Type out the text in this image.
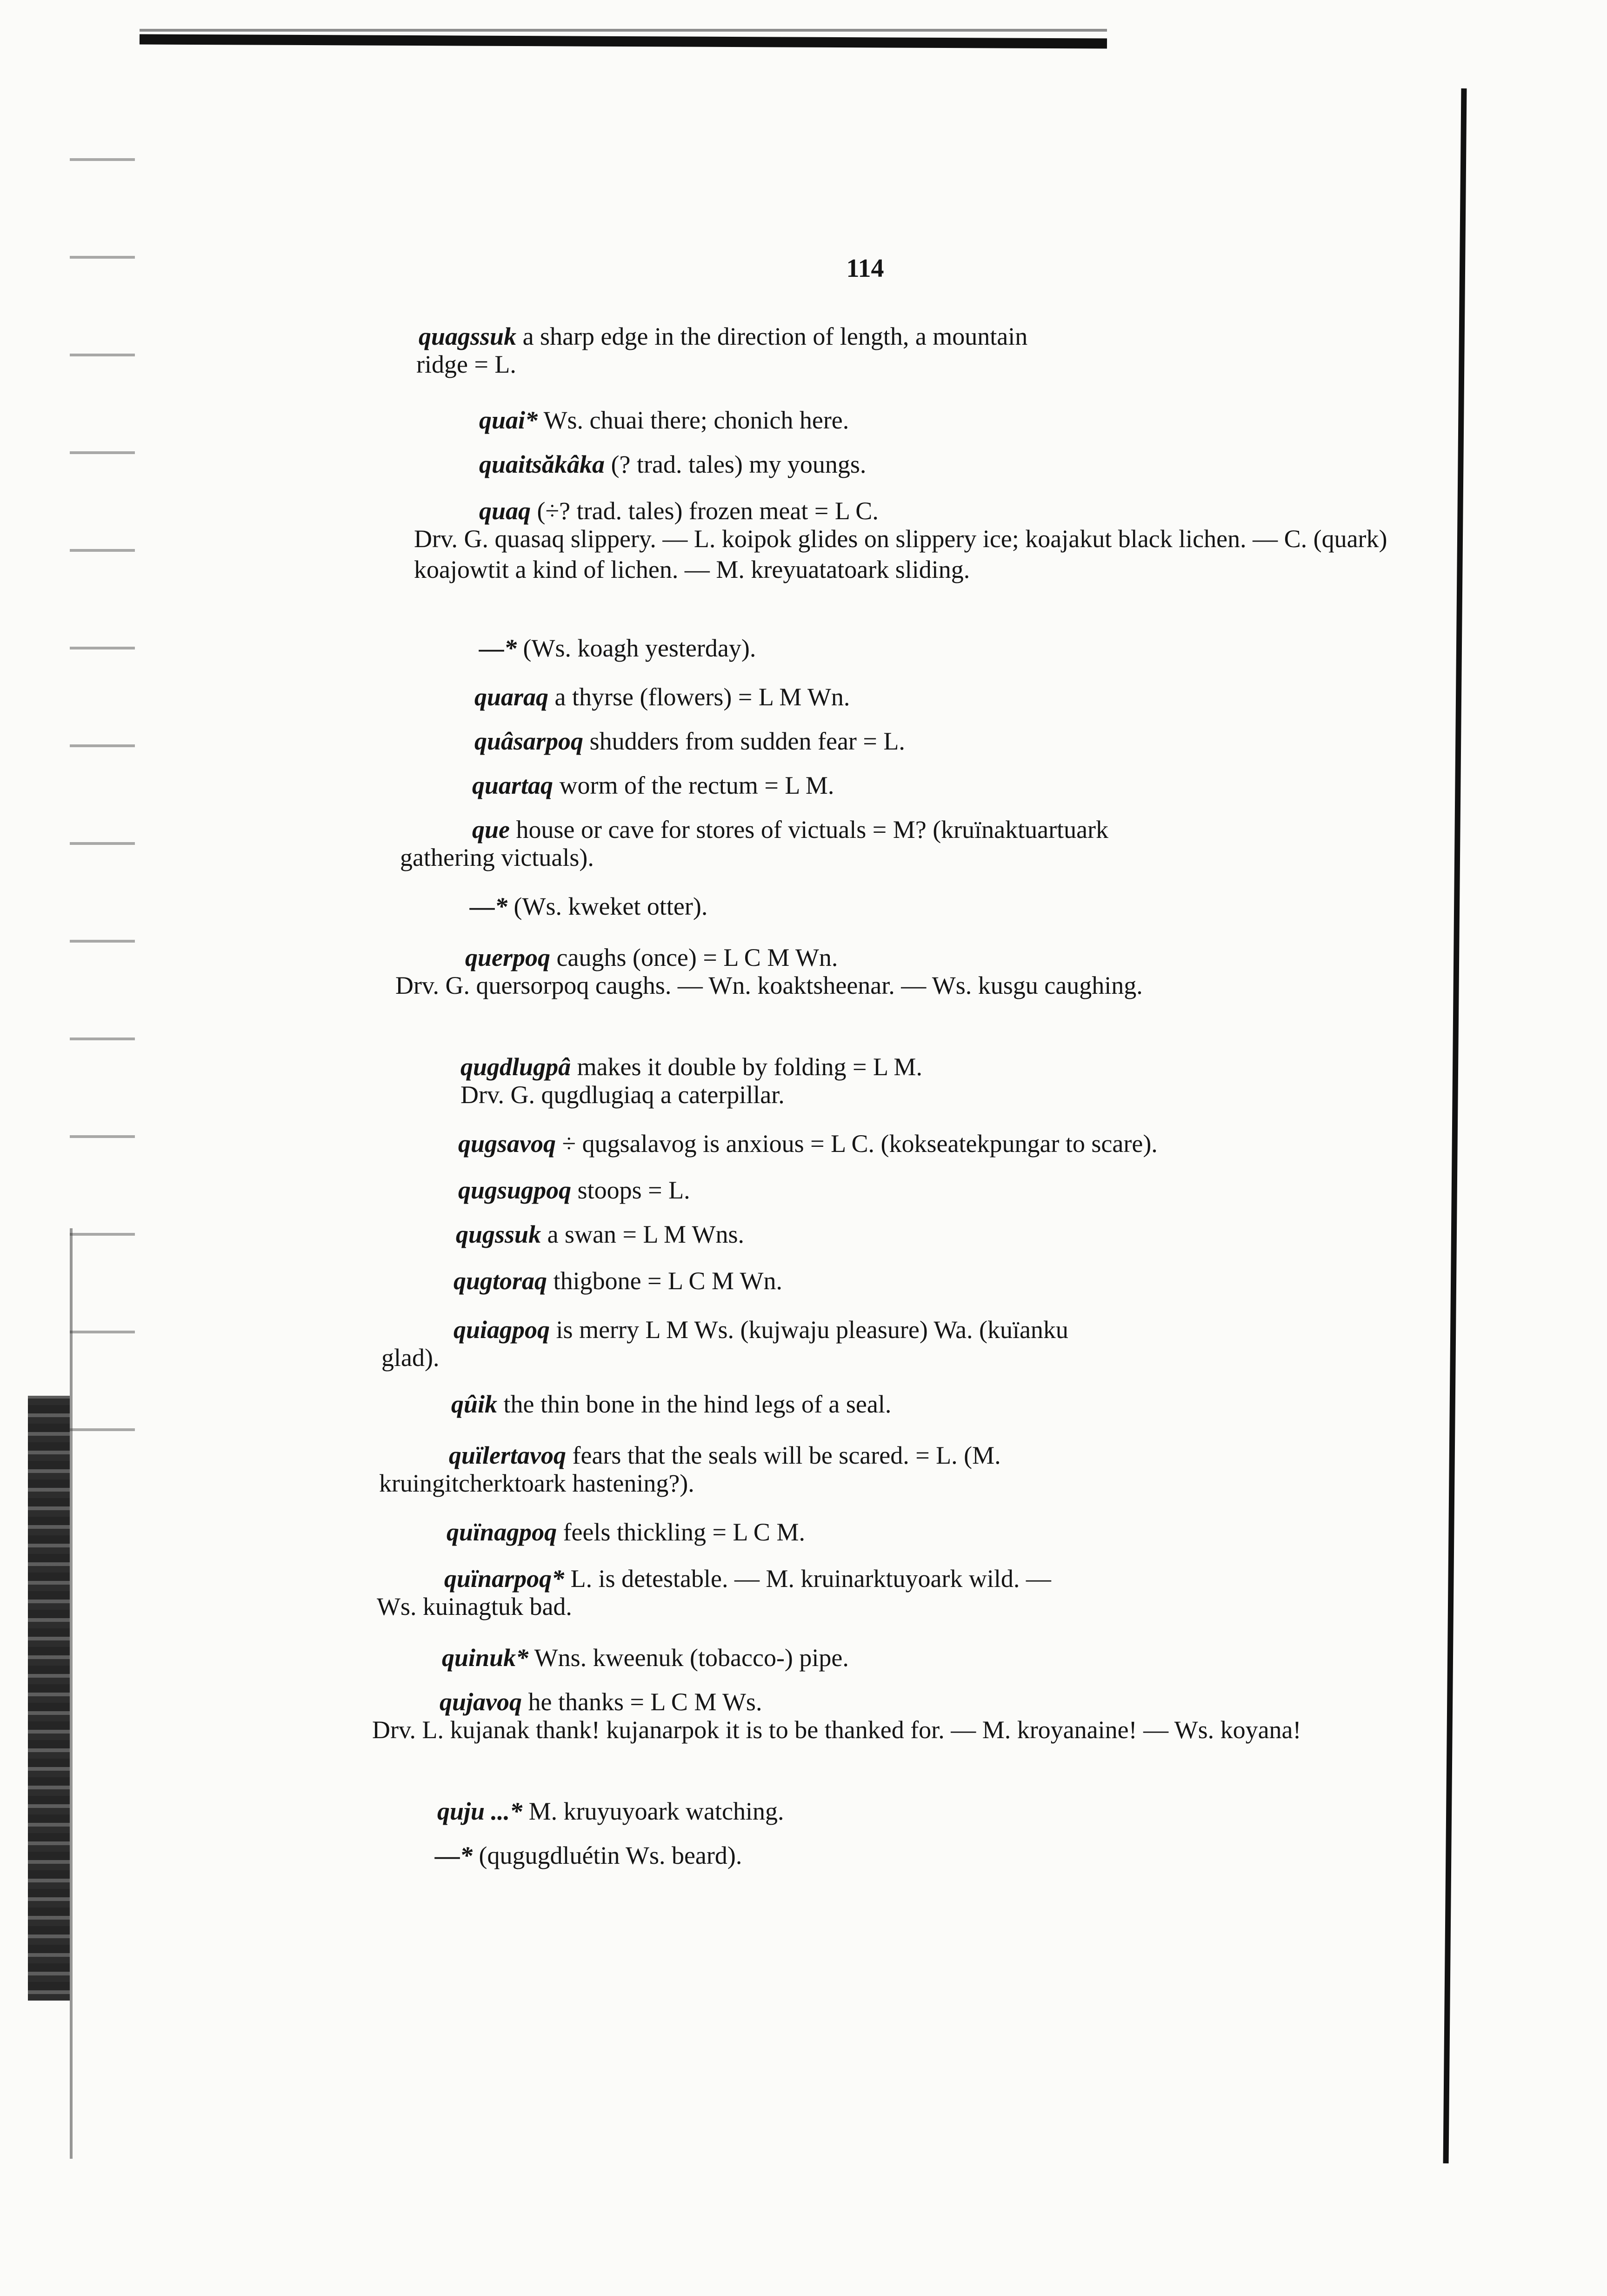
114
quagssuk a sharp edge in the direction of length, a mountain
ridge = L.
quai* Ws. chuai there; chonich here.
quaitsăkâka (? trad. tales) my youngs.
quaq (÷? trad. tales) frozen meat = L C.
Drv. G. quasaq slippery. — L. koipok glides on slippery ice; koajakut black lichen. — C. (quark) koajowtit a kind of lichen. — M. kreyuatatoark sliding.
—* (Ws. koagh yesterday).
quaraq a thyrse (flowers) = L M Wn.
quâsarpoq shudders from sudden fear = L.
quartaq worm of the rectum = L M.
que house or cave for stores of victuals = M? (kruïnaktuartuark
gathering victuals).
—* (Ws. kweket otter).
querpoq caughs (once) = L C M Wn.
Drv. G. quersorpoq caughs. — Wn. koaktsheenar. — Ws. kusgu caughing.
qugdlugpâ makes it double by folding = L M.
Drv. G. qugdlugiaq a caterpillar.
qugsavoq ÷ qugsalavog is anxious = L C. (kokseatekpungar to scare).
qugsugpoq stoops = L.
qugssuk a swan = L M Wns.
qugtoraq thigbone = L C M Wn.
quiagpoq is merry L M Ws. (kujwaju pleasure) Wa. (kuïanku
glad).
qûik the thin bone in the hind legs of a seal.
quïlertavoq fears that the seals will be scared. = L. (M.
kruingitcherktoark hastening?).
quïnagpoq feels thickling = L C M.
quïnarpoq* L. is detestable. — M. kruinarktuyoark wild. —
Ws. kuinagtuk bad.
quinuk* Wns. kweenuk (tobacco-) pipe.
qujavoq he thanks = L C M Ws.
Drv. L. kujanak thank! kujanarpok it is to be thanked for. — M. kroyanaine! — Ws. koyana!
quju ...* M. kruyuyoark watching.
—* (qugugdluétin Ws. beard).
